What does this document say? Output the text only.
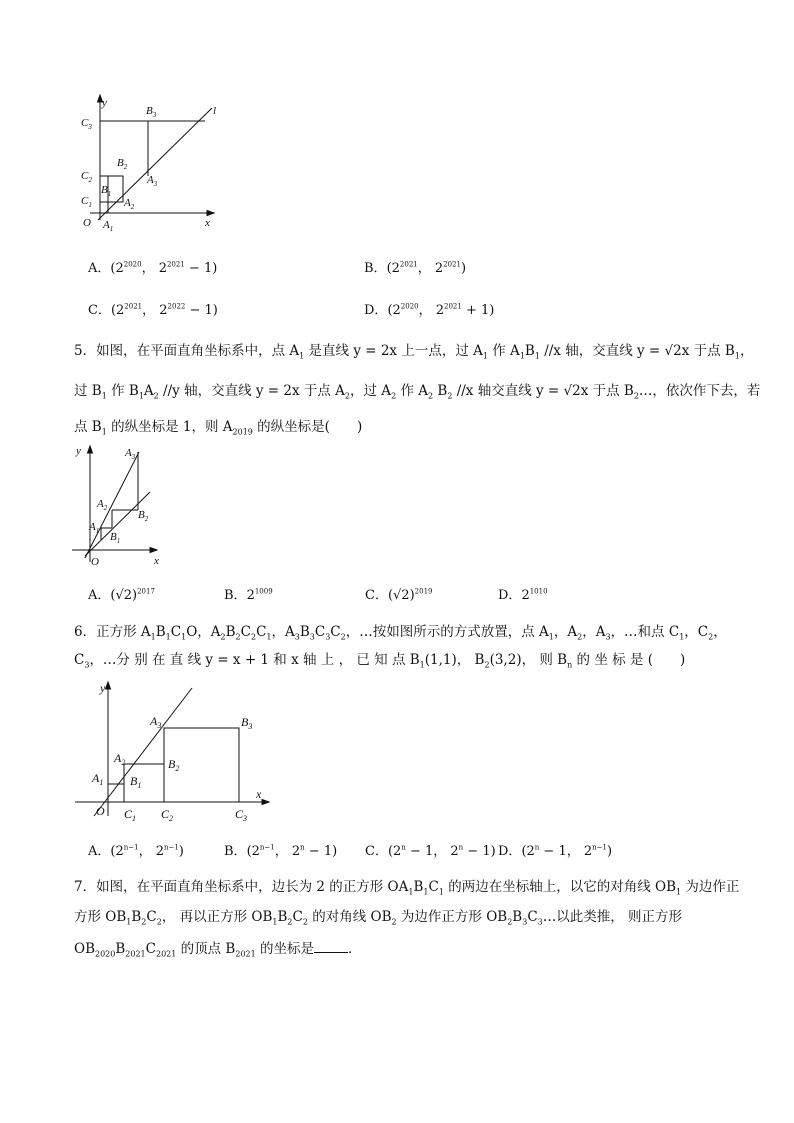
y
x
O
l
$C_3$
$C_2$
$C_1$
$B_3$
$B_2$
$B_1$
$A_3$
$A_2$
$A_1$
A．($2^{2020}$， $2^{2021} - 1$)	B．($2^{2021}$， $2^{2021}$)
C．($2^{2021}$， $2^{2022} - 1$)	D．($2^{2020}$， $2^{2021} + 1$)
5．如图，在平面直角坐标系中，点 $A_1$ 是直线 y = 2x 上一点，过 $A_1$ 作 $A_1B_1$ //x 轴，交直线 y = √2x 于点 $B_1$，
过 $B_1$ 作 $B_1A_2$ //y 轴，交直线 y = 2x 于点 $A_2$，过 $A_2$ 作 $A_2$ $B_2$ //x 轴交直线 y = √2x 于点 $B_2\dots$，依次作下去，若
点 $B_1$ 的纵坐标是 1，则 $A_{2019}$ 的纵坐标是(　　)
y
x
O
$A_3$
$A_2$
$A_1$
$B_2$
$B_1$
A．$(√2)^{2017}$	B．$2^{1009}$	C．$(√2)^{2019}$	D．$2^{1010}$
6．正方形 $A_1B_1C_1O$，$A_2B_2C_2C_1$，$A_3B_3C_3C_2$，…按如图所示的方式放置，点 $A_1$，$A_2$，$A_3$，…和点 $C_1$，$C_2$，
$C_3$，…分 别 在 直 线 y = x + 1 和 x 轴 上 ， 已 知 点 $B_1(1,1)$， $B_2(3,2)$， 则 $B_n$ 的 坐 标 是 (　　)
y
x
O
$A_1$
$A_2$
$A_3$
$B_1$
$B_2$
$B_3$
$C_1$ $C_2$	$C_3$
A．($2^{n-1}$， $2^{n-1}$)	B．($2^{n-1}$， $2^n - 1$) C．($2^n - 1$， $2^n - 1$) D．($2^n - 1$， $2^{n-1}$)
7．如图，在平面直角坐标系中，边长为 2 的正方形 $OA_1B_1C_1$ 的两边在坐标轴上，以它的对角线 $OB_1$ 为边作正
方形 $OB_1B_2C_2$， 再以正方形 $OB_1B_2C_2$ 的对角线 $OB_2$ 为边作正方形 $OB_2B_3C_3\dots$以此类推， 则正方形
$OB_{2020}B_{2021}C_{2021}$ 的顶点 $B_{2021}$ 的坐标是	．
